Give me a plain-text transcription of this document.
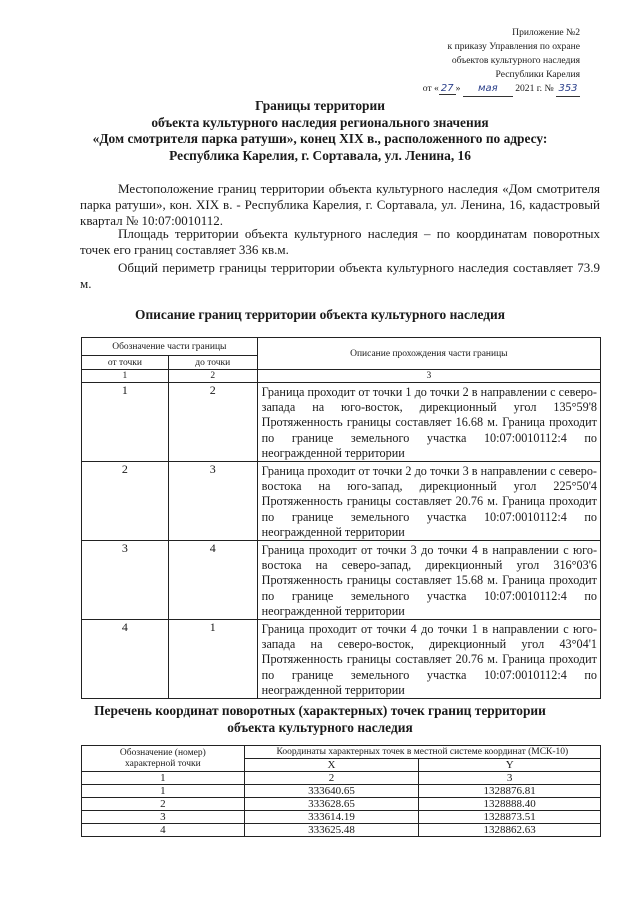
Приложение №2
к приказу Управления по охране
объектов культурного наследия
Республики Карелия
от « 27 » мая 2021 г. № 353
Границы территории
объекта культурного наследия регионального значения
«Дом смотрителя парка ратуши», конец XIX в., расположенного по адресу:
Республика Карелия, г. Сортавала, ул. Ленина, 16
Местоположение границ территории объекта культурного наследия «Дом смотрителя парка ратуши», кон. XIX в. - Республика Карелия, г. Сортавала, ул. Ленина, 16, кадастровый квартал № 10:07:0010112.
Площадь территории объекта культурного наследия – по координатам поворотных точек его границ составляет 336 кв.м.
Общий периметр границы территории объекта культурного наследия составляет 73.9 м.
Описание границ территории объекта культурного наследия
Обозначение части границы		Описание прохождения части границы
от точки	до точки	
1	2	3
1	2	Граница проходит от точки 1 до точки 2 в направлении с северо-запада на юго-восток, дирекционный угол 135°59'8 Протяженность границы составляет 16.68 м. Граница проходит по границе земельного участка 10:07:0010112:4 по неогражденной территории
2	3	Граница проходит от точки 2 до точки 3 в направлении с северо-востока на юго-запад, дирекционный угол 225°50'4 Протяженность границы составляет 20.76 м. Граница проходит по границе земельного участка 10:07:0010112:4 по неогражденной территории
3	4	Граница проходит от точки 3 до точки 4 в направлении с юго-востока на северо-запад, дирекционный угол 316°03'6 Протяженность границы составляет 15.68 м. Граница проходит по границе земельного участка 10:07:0010112:4 по неогражденной территории
4	1	Граница проходит от точки 4 до точки 1 в направлении с юго-запада на северо-восток, дирекционный угол 43°04'1 Протяженность границы составляет 20.76 м. Граница проходит по границе земельного участка 10:07:0010112:4 по неогражденной территории
Перечень координат поворотных (характерных) точек границ территории
объекта культурного наследия
Обозначение (номер)
характерной точки	Координаты характерных точек в местной системе координат (МСК-10)	
	X	Y
1	2	3
1	333640.65	1328876.81
2	333628.65	1328888.40
3	333614.19	1328873.51
4	333625.48	1328862.63
